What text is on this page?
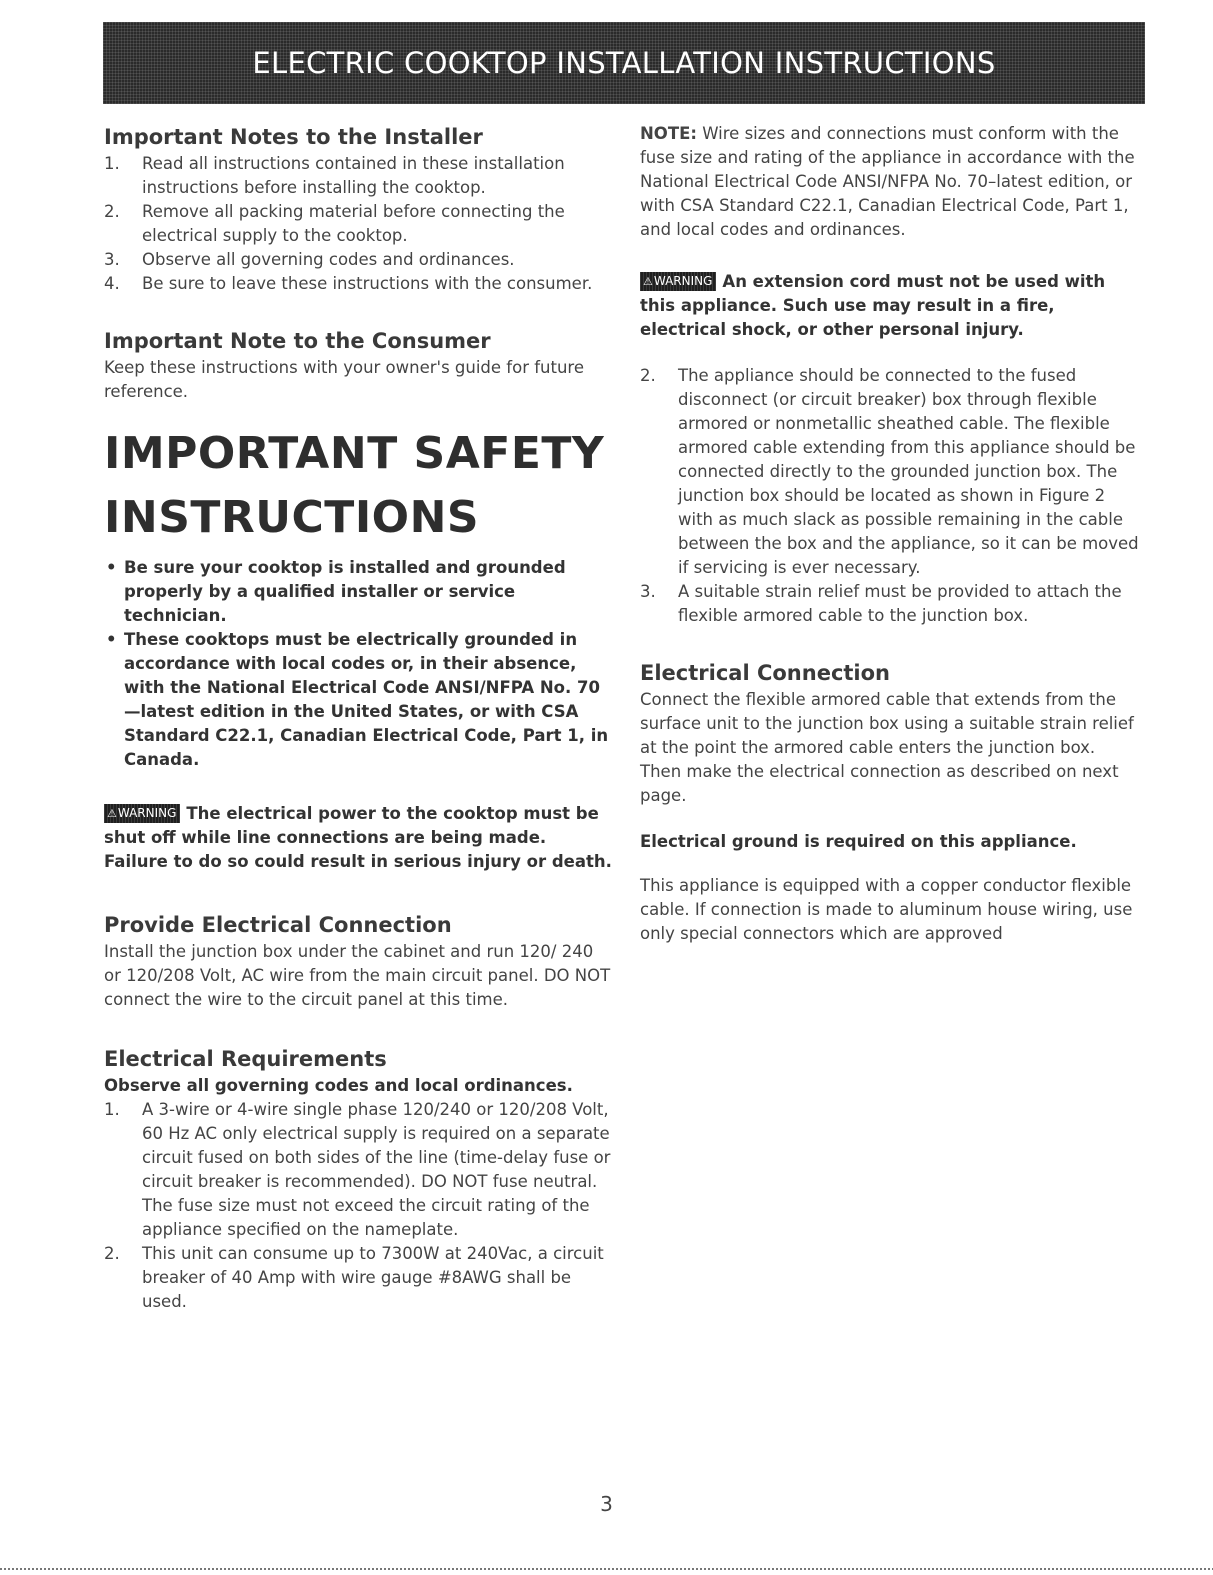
ELECTRIC COOKTOP INSTALLATION INSTRUCTIONS
Important Notes to the Installer
1.	Read all instructions contained in these installation instructions before installing the cooktop.
2.	Remove all packing material before connecting the electrical supply to the cooktop.
3.	Observe all governing codes and ordinances.
4.	Be sure to leave these instructions with the consumer.
Important Note to the Consumer

Keep these instructions with your owner's guide for future reference.

IMPORTANT SAFETY
INSTRUCTIONS
• Be sure your cooktop is installed and grounded properly by a qualified installer or service technician.
• These cooktops must be electrically grounded in accordance with local codes or, in their absence, with the National Electrical Code ANSI/NFPA No. 70—latest edition in the United States, or with CSA Standard C22.1, Canadian Electrical Code, Part 1, in Canada.

⚠WARNING The electrical power to the cooktop must be shut off while line connections are being made. Failure to do so could result in serious injury or death.

Provide Electrical Connection

Install the junction box under the cabinet and run 120/ 240 or 120/208 Volt, AC wire from the main circuit panel. DO NOT connect the wire to the circuit panel at this time.

Electrical Requirements

Observe all governing codes and local ordinances.

1.	A 3-wire or 4-wire single phase 120/240 or 120/208 Volt, 60 Hz AC only electrical supply is required on a separate circuit fused on both sides of the line (time-delay fuse or circuit breaker is recommended). DO NOT fuse neutral. The fuse size must not exceed the circuit rating of the appliance specified on the nameplate.
2.	This unit can consume up to 7300W at 240Vac, a circuit breaker of 40 Amp with wire gauge #8AWG shall be used.

NOTE: Wire sizes and connections must conform with the fuse size and rating of the appliance in accordance with the National Electrical Code ANSI/NFPA No. 70–latest edition, or with CSA Standard C22.1, Canadian Electrical Code, Part 1, and local codes and ordinances.

⚠WARNING An extension cord must not be used with this appliance. Such use may result in a fire, electrical shock, or other personal injury.

2.	The appliance should be connected to the fused disconnect (or circuit breaker) box through flexible armored or nonmetallic sheathed cable. The flexible armored cable extending from this appliance should be connected directly to the grounded junction box. The junction box should be located as shown in Figure 2 with as much slack as possible remaining in the cable between the box and the appliance, so it can be moved if servicing is ever necessary.
3.	A suitable strain relief must be provided to attach the flexible armored cable to the junction box.
Electrical Connection

Connect the flexible armored cable that extends from the surface unit to the junction box using a suitable strain relief at the point the armored cable enters the junction box. Then make the electrical connection as described on next page.

Electrical ground is required on this appliance.

This appliance is equipped with a copper conductor flexible cable. If connection is made to aluminum house wiring, use only special connectors which are approved

3
